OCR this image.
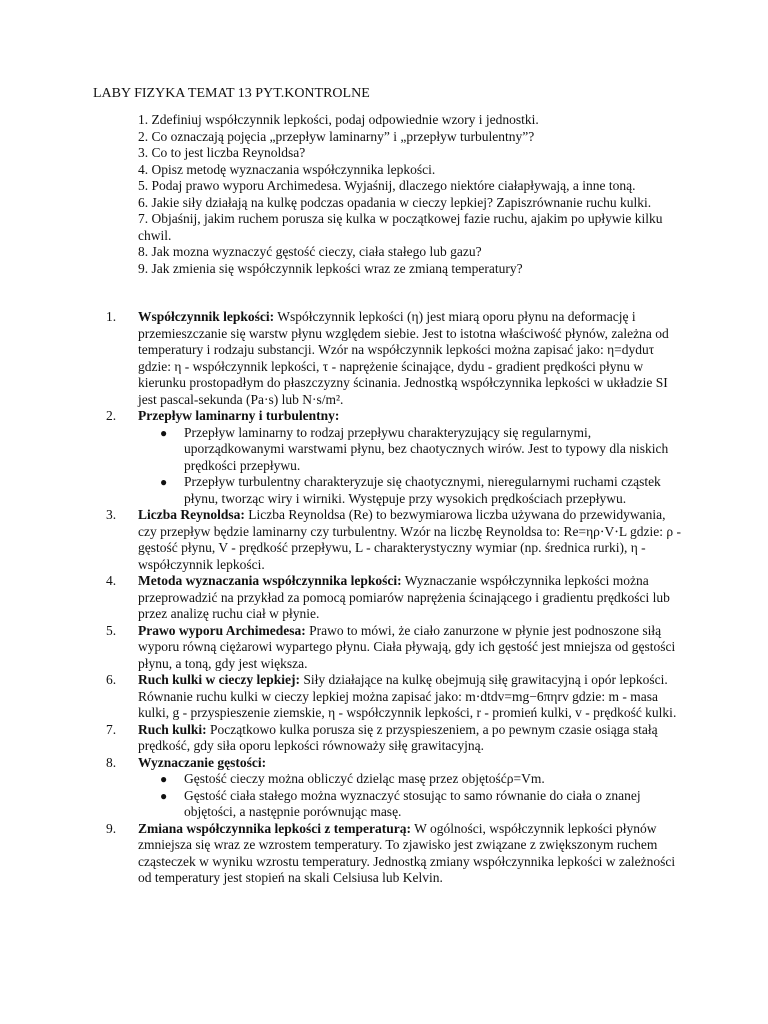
LABY FIZYKA TEMAT 13 PYT.KONTROLNE
1. Zdefiniuj współczynnik lepkości, podaj odpowiednie wzory i jednostki.
2. Co oznaczają pojęcia „przepływ laminarny” i „przepływ turbulentny”?
3. Co to jest liczba Reynoldsa?
4. Opisz metodę wyznaczania współczynnika lepkości.
5. Podaj prawo wyporu Archimedesa. Wyjaśnij, dlaczego niektóre ciałapływają, a inne toną.
6. Jakie siły działają na kulkę podczas opadania w cieczy lepkiej? Zapiszrównanie ruchu kulki.
7. Objaśnij, jakim ruchem porusza się kulka w początkowej fazie ruchu, ajakim po upływie kilku chwil.
8. Jak mozna wyznaczyć gęstość cieczy, ciała stałego lub gazu?
9. Jak zmienia się współczynnik lepkości wraz ze zmianą temperatury?
1. Współczynnik lepkości: Współczynnik lepkości (η) jest miarą oporu płynu na deformację i przemieszczanie się warstw płynu względem siebie. Jest to istotna właściwość płynów, zależna od temperatury i rodzaju substancji. Wzór na współczynnik lepkości można zapisać jako: η=dydu​τ gdzie: η - współczynnik lepkości, τ - naprężenie ścinające, dydu - gradient prędkości płynu w kierunku prostopadłym do płaszczyzny ścinania. Jednostką współczynnika lepkości w układzie SI jest pascal-sekunda (Pa·s) lub N·s/m².
2. Przepływ laminarny i turbulentny:
● Przepływ laminarny to rodzaj przepływu charakteryzujący się regularnymi, uporządkowanymi warstwami płynu, bez chaotycznych wirów. Jest to typowy dla niskich prędkości przepływu.
● Przepływ turbulentny charakteryzuje się chaotycznymi, nieregularnymi ruchami cząstek płynu, tworząc wiry i wirniki. Występuje przy wysokich prędkościach przepływu.
3. Liczba Reynoldsa: Liczba Reynoldsa (Re) to bezwymiarowa liczba używana do przewidywania, czy przepływ będzie laminarny czy turbulentny. Wzór na liczbę Reynoldsa to: Re=ηρ⋅V⋅L​ gdzie: ρ - gęstość płynu, V - prędkość przepływu, L - charakterystyczny wymiar (np. średnica rurki), η - współczynnik lepkości.
4. Metoda wyznaczania współczynnika lepkości: Wyznaczanie współczynnika lepkości można przeprowadzić na przykład za pomocą pomiarów naprężenia ścinającego i gradientu prędkości lub przez analizę ruchu ciał w płynie.
5. Prawo wyporu Archimedesa: Prawo to mówi, że ciało zanurzone w płynie jest podnoszone siłą wyporu równą ciężarowi wypartego płynu. Ciała pływają, gdy ich gęstość jest mniejsza od gęstości płynu, a toną, gdy jest większa.
6. Ruch kulki w cieczy lepkiej: Siły działające na kulkę obejmują siłę grawitacyjną i opór lepkości. Równanie ruchu kulki w cieczy lepkiej można zapisać jako: m⋅dtdv​=mg−6πηrv gdzie: m - masa kulki, g - przyspieszenie ziemskie, η - współczynnik lepkości, r - promień kulki, v - prędkość kulki.
7. Ruch kulki: Początkowo kulka porusza się z przyspieszeniem, a po pewnym czasie osiąga stałą prędkość, gdy siła oporu lepkości równoważy siłę grawitacyjną.
8. Wyznaczanie gęstości:
● Gęstość cieczy można obliczyć dzieląc masę przez objętośćρ=Vm​.
● Gęstość ciała stałego można wyznaczyć stosując to samo równanie do ciała o znanej objętości, a następnie porównując masę.
9. Zmiana współczynnika lepkości z temperaturą: W ogólności, współczynnik lepkości płynów zmniejsza się wraz ze wzrostem temperatury. To zjawisko jest związane z zwiększonym ruchem cząsteczek w wyniku wzrostu temperatury. Jednostką zmiany współczynnika lepkości w zależności od temperatury jest stopień na skali Celsiusa lub Kelvin.
